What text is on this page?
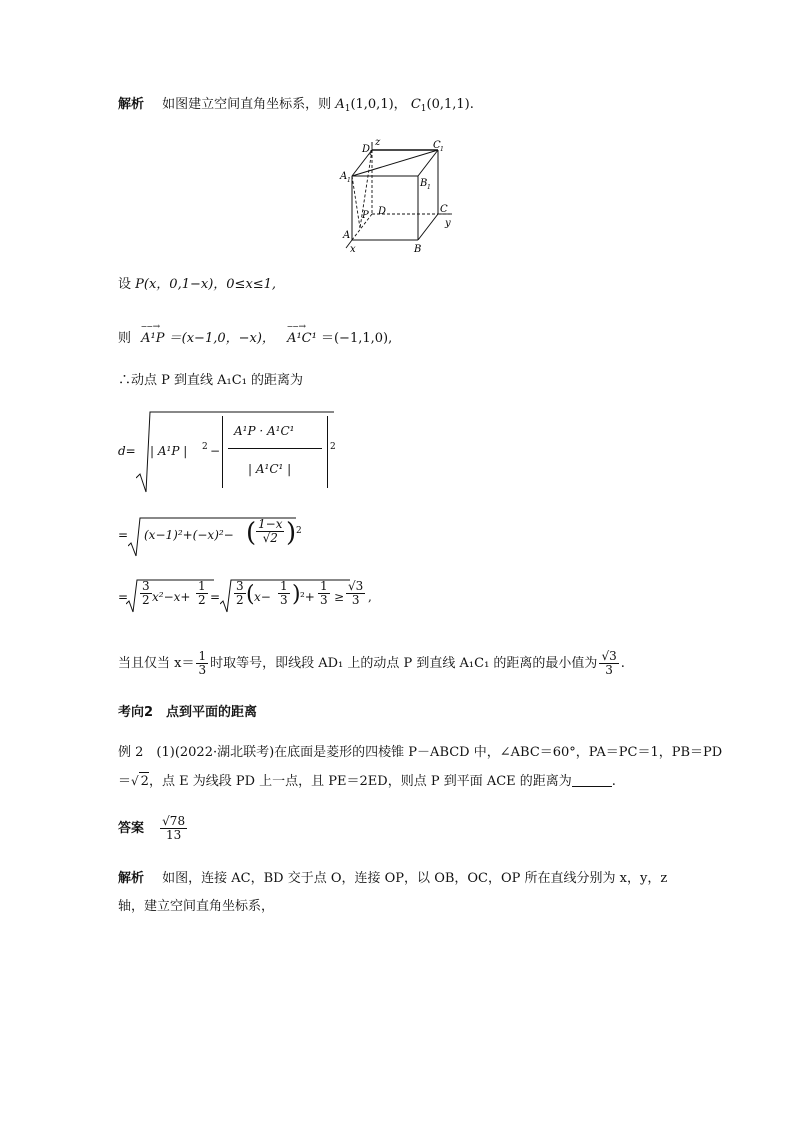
解析 如图建立空间直角坐标系，则 $A_1(1,0,1)$， $C_1(0,1,1)$.
z
D
1
C 1
A 1	B 1
P D	C
y
A
x	B
设 P(x，0,1−x)，0≤x≤1,
则 ‒‒→ A¹P ＝(x−1,0，−x)， ‒‒→ A¹C¹ ＝(−1,1,0),
∴动点 P 到直线 A₁C₁ 的距离为
d= | A¹P | 2 −
A¹P · A¹C¹
| A¹C¹ |
2
= (x−1)²+(−x)²− ( $\frac{1-x}{√2}$ ) 2
= $\frac{3}{2} x^2-x+ \frac{1}{2} = \frac{3}{2}$ ( $x- \frac{1}{3}$ ) $^2+ \frac{1}{3} \ge \frac{√3}{3}$ ,
当且仅当 $x= \frac{1}{3}$ 时取等号，即线段 AD₁ 上的动点 P 到直线 A₁C₁ 的距离的最小值为 $\frac{√3}{3}$ .
考向2　点到平面的距离
例 2　(1)(2022·湖北联考)在底面是菱形的四棱锥 P－ABCD 中，∠ABC＝60°，PA＝PC＝1，PB＝PD
＝√ 2，点 E 为线段 PD 上一点，且 PE＝2ED，则点 P 到平面 ACE 的距离为	.
答案 $\frac{√78}{13}$
解析 如图，连接 AC，BD 交于点 O，连接 OP，以 OB，OC，OP 所在直线分别为 x，y，z
轴，建立空间直角坐标系，
